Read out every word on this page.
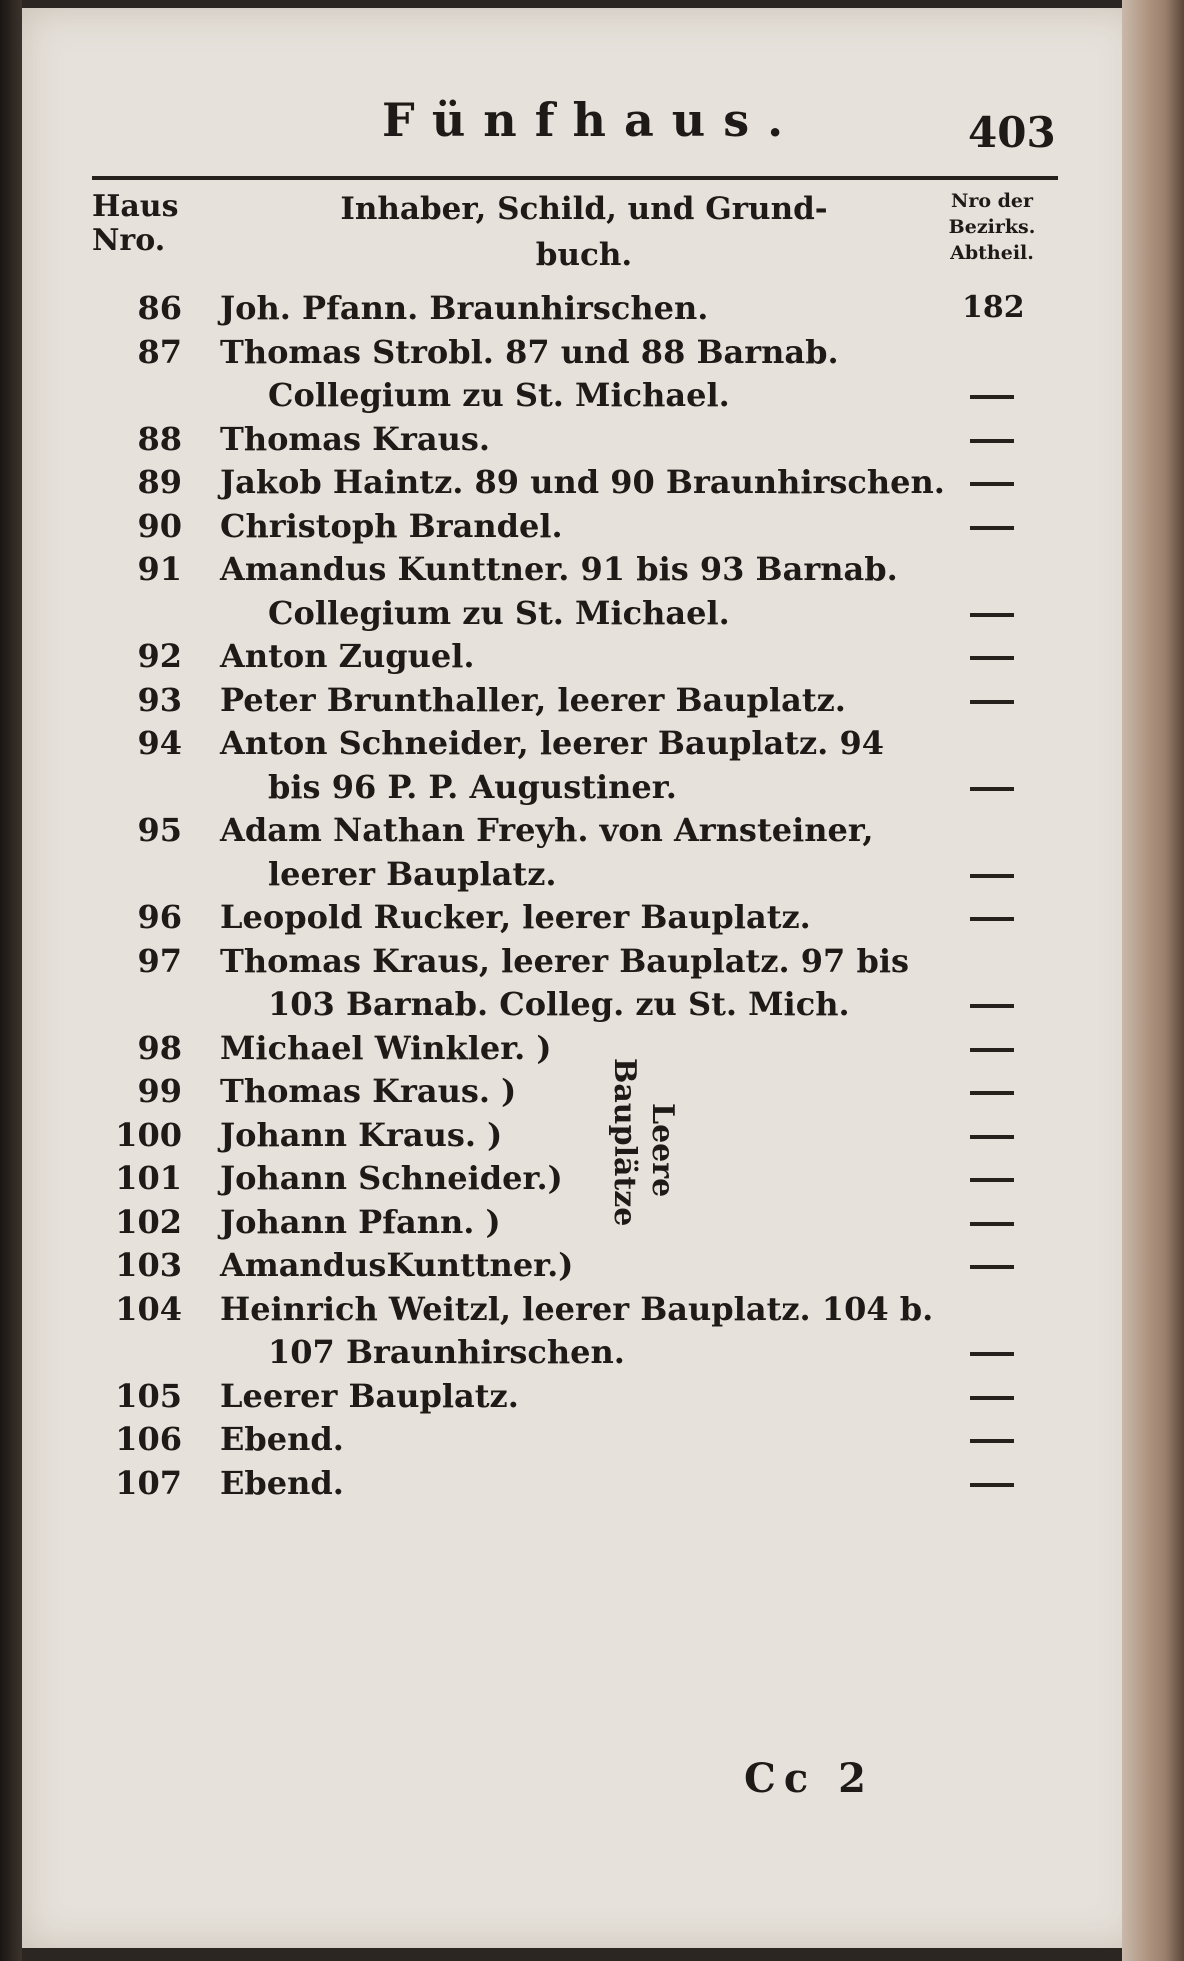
Fünfhaus.	403
Haus
Nro.
Inhaber, Schild, und Grund-
buch.
Nro der
Bezirks.
Abtheil.
86 Joh. Pfann. Braunhirschen.	182
87 Thomas Strobl. 87 und 88 Barnab.
Collegium zu St. Michael.
88 Thomas Kraus.
89 Jakob Haintz. 89 und 90 Braunhirschen.
90 Christoph Brandel.
91 Amandus Kunttner. 91 bis 93 Barnab.
Collegium zu St. Michael.
92 Anton Zuguel.
93 Peter Brunthaller, leerer Bauplatz.
94 Anton Schneider, leerer Bauplatz. 94
bis 96 P. P. Augustiner.
95 Adam Nathan Freyh. von Arnsteiner,
leerer Bauplatz.
96 Leopold Rucker, leerer Bauplatz.
97 Thomas Kraus, leerer Bauplatz. 97 bis
103 Barnab. Colleg. zu St. Mich.
98 Michael Winkler. )
99 Thomas Kraus. )
100 Johann Kraus. )
101 Johann Schneider.)
102 Johann Pfann. )
103 AmandusKunttner.)
104 Heinrich Weitzl, leerer Bauplatz. 104 b.
107 Braunhirschen.
105 Leerer Bauplatz.
106 Ebend.
107 Ebend.
Bauplätze Leere
Cc 2
